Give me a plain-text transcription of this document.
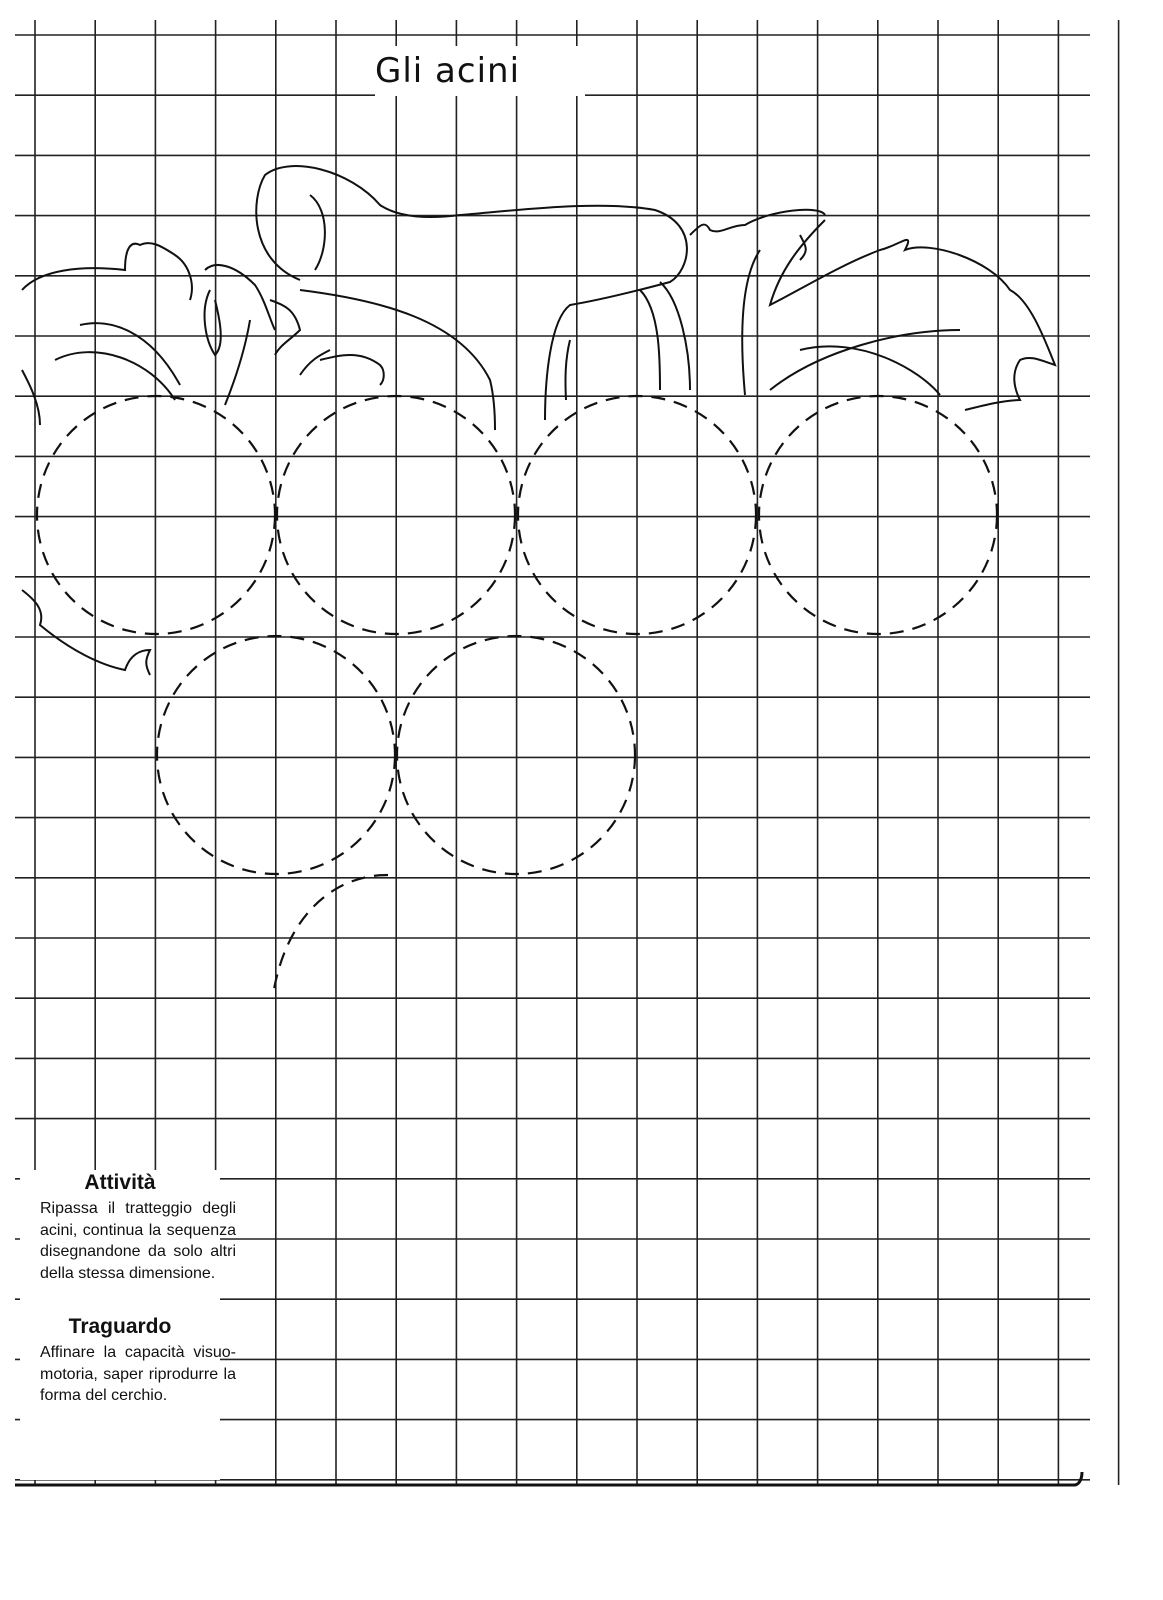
Gli acini
Attività

Ripassa il tratteggio degli acini, continua la sequenza disegnandone da solo altri della stessa dimensione.

Traguardo

Affinare la capacità visuo-motoria, saper riprodurre la forma del cerchio.
